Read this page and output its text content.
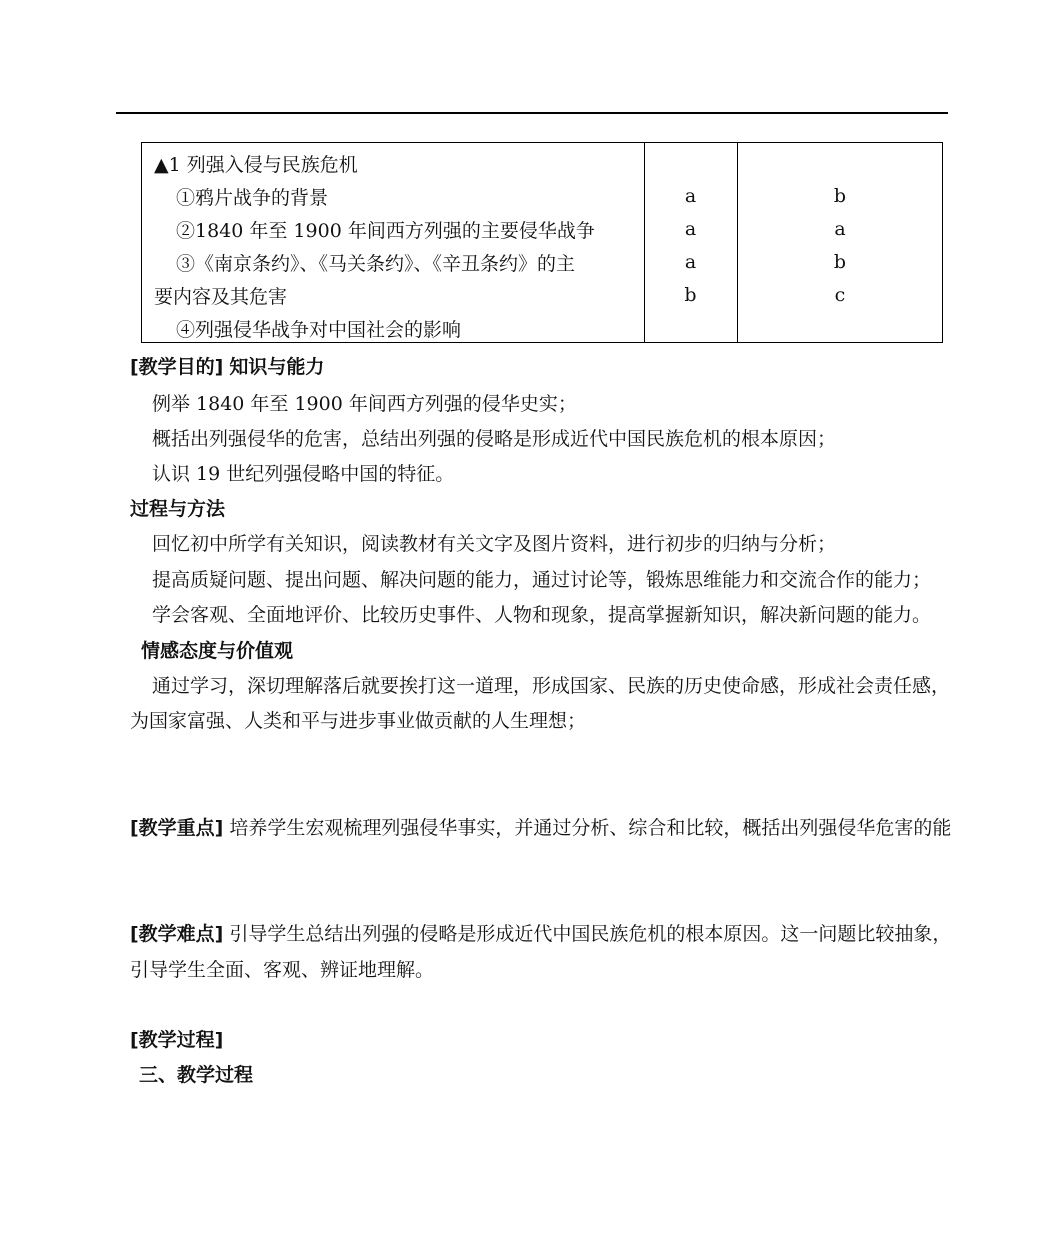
▲1 列强入侵与民族危机
①鸦片战争的背景
②1840 年至 1900 年间西方列强的主要侵华战争
③《南京条约》、《马关条约》、《辛丑条约》的主
要内容及其危害
④列强侵华战争对中国社会的影响
a
a
a
b
b
a
b
c
[教学目的] 知识与能力
例举 1840 年至 1900 年间西方列强的侵华史实；
概括出列强侵华的危害，总结出列强的侵略是形成近代中国民族危机的根本原因；
认识 19 世纪列强侵略中国的特征。
过程与方法
回忆初中所学有关知识，阅读教材有关文字及图片资料，进行初步的归纳与分析；
提高质疑问题、提出问题、解决问题的能力，通过讨论等，锻炼思维能力和交流合作的能力；
学会客观、全面地评价、比较历史事件、人物和现象，提高掌握新知识，解决新问题的能力。
情感态度与价值观
通过学习，深切理解落后就要挨打这一道理，形成国家、民族的历史使命感，形成社会责任感，
为国家富强、人类和平与进步事业做贡献的人生理想；
[教学重点] 培养学生宏观梳理列强侵华事实，并通过分析、综合和比较，概括出列强侵华危害的能
[教学难点] 引导学生总结出列强的侵略是形成近代中国民族危机的根本原因。这一问题比较抽象，
引导学生全面、客观、辨证地理解。
[教学过程]
三、教学过程
